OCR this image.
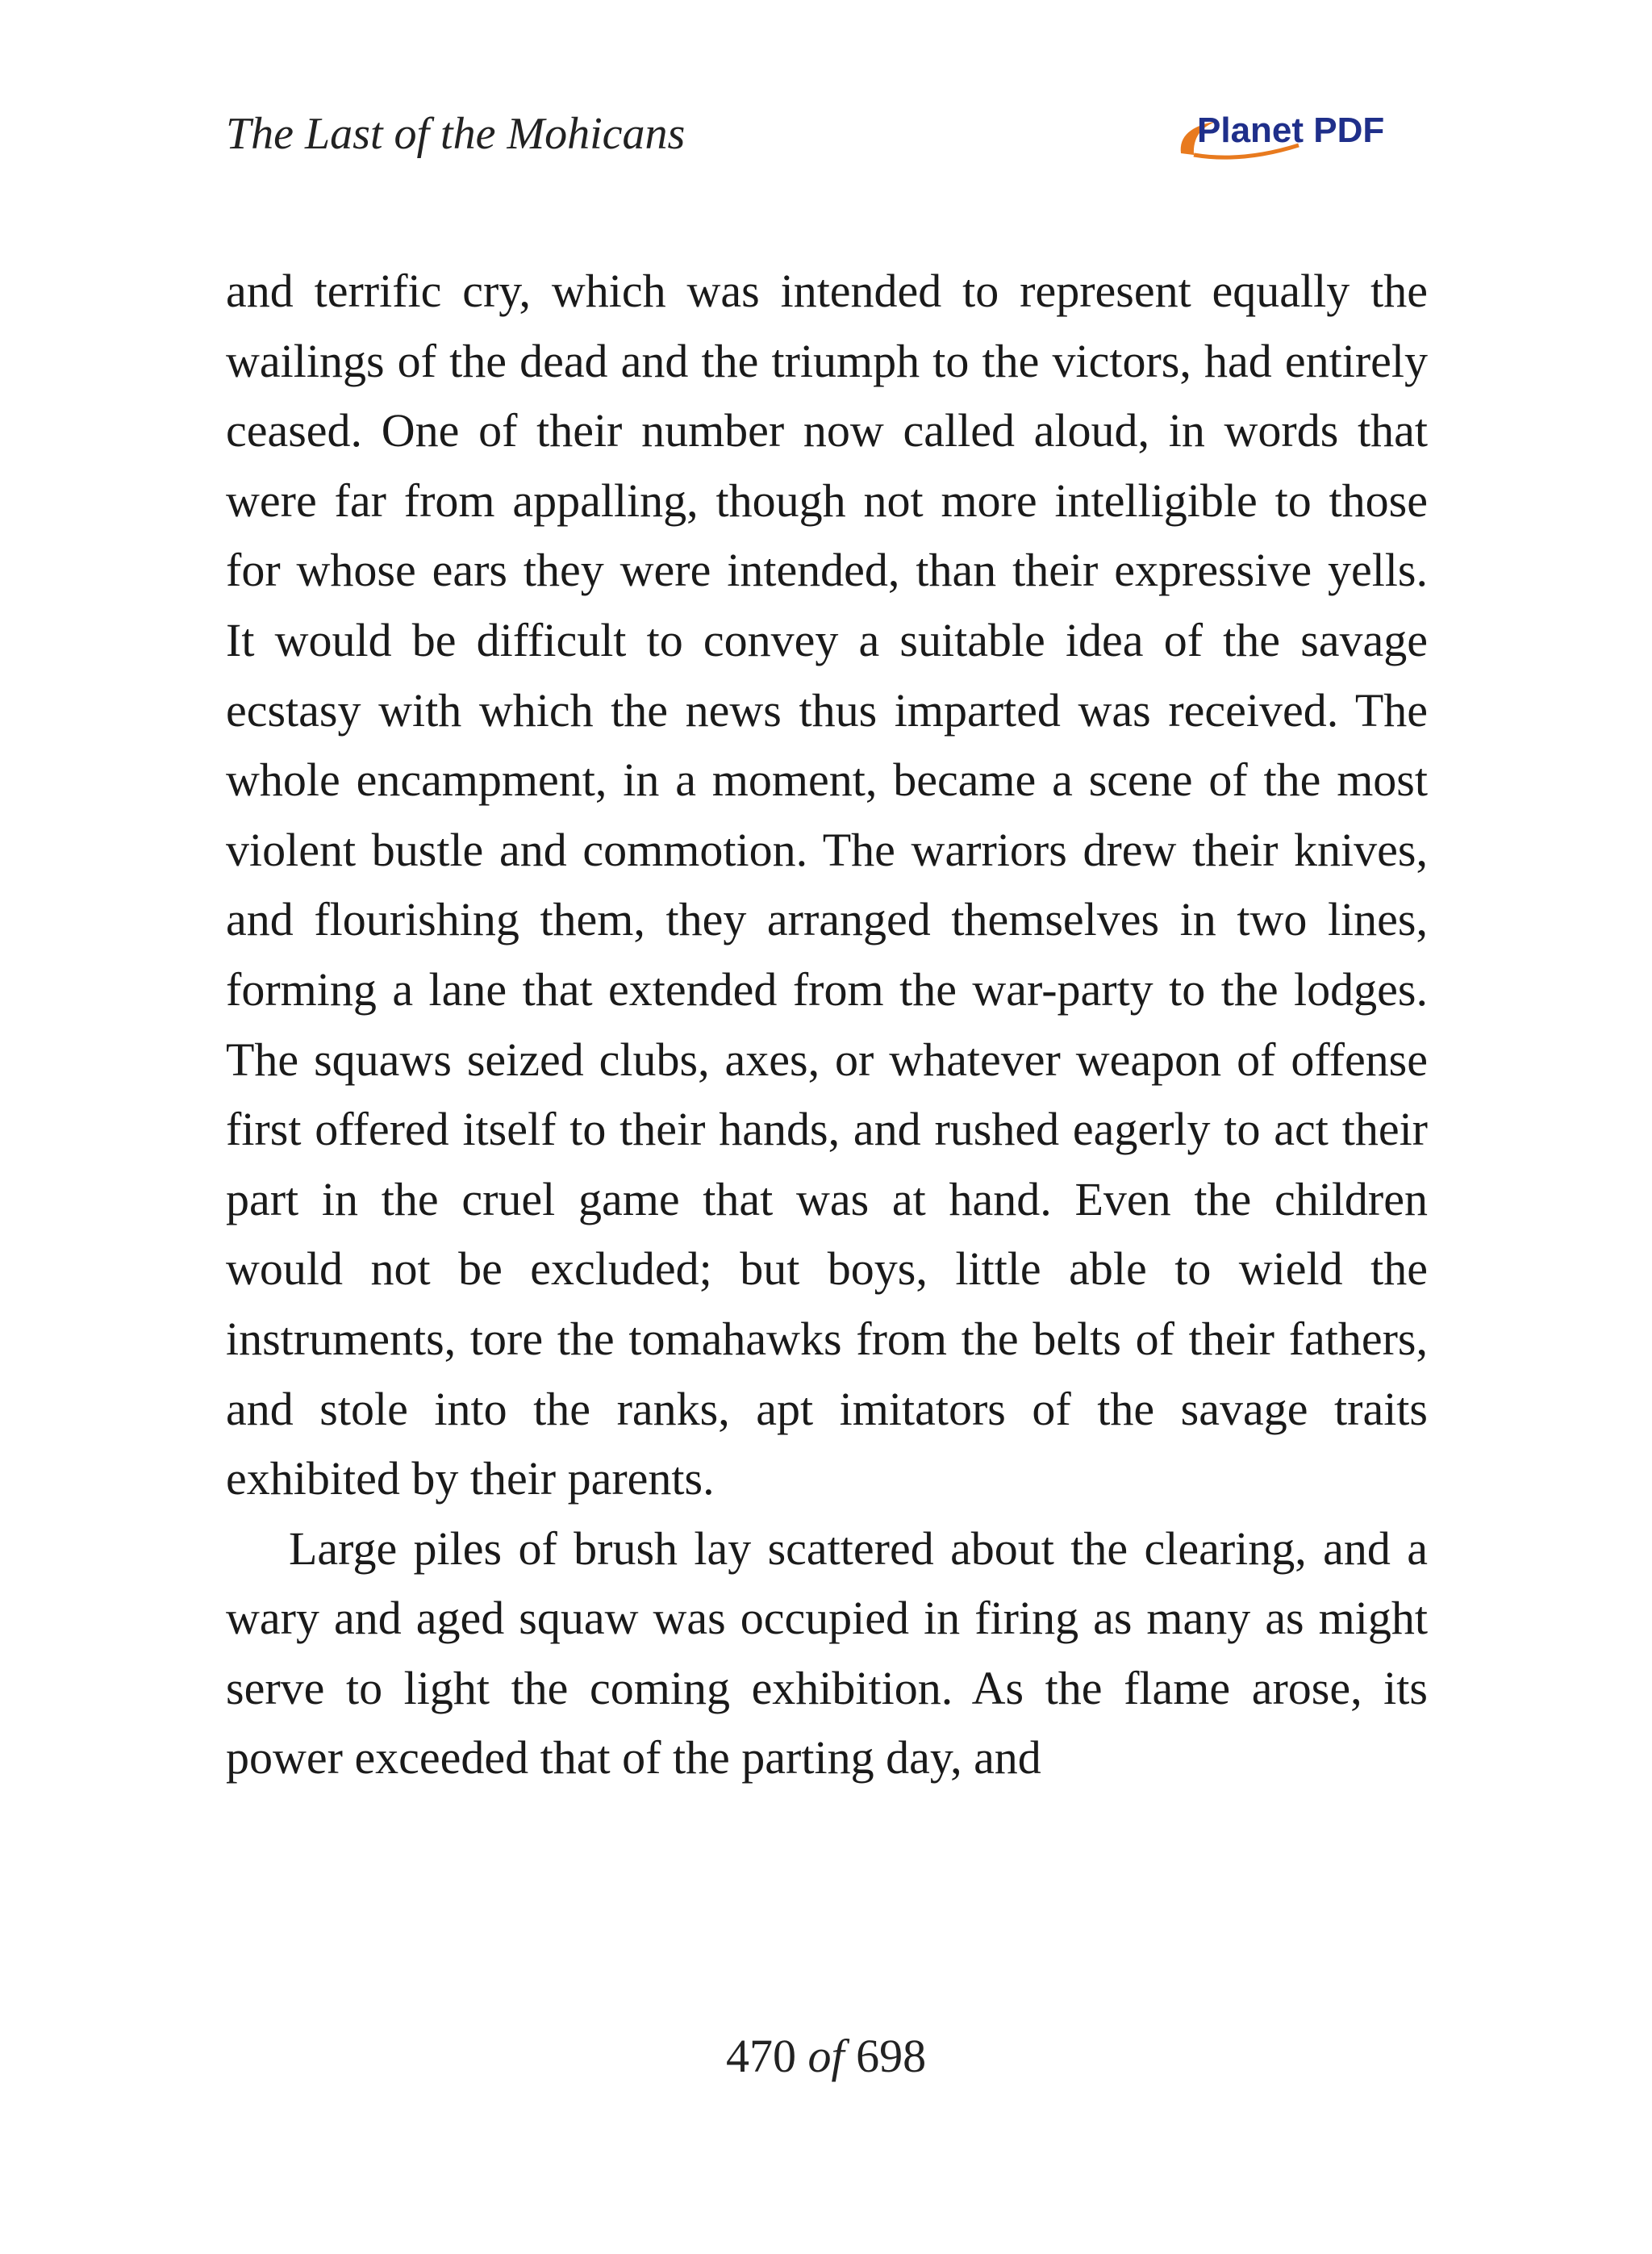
The Last of the Mohicans	Planet PDF

and terrific cry, which was intended to represent equally the wailings of the dead and the triumph to the victors, had entirely ceased. One of their number now called aloud, in words that were far from appalling, though not more intelligible to those for whose ears they were intended, than their expressive yells. It would be difficult to convey a suitable idea of the savage ecstasy with which the news thus imparted was received. The whole encampment, in a moment, became a scene of the most violent bustle and commotion. The warriors drew their knives, and flourishing them, they arranged themselves in two lines, forming a lane that extended from the war-party to the lodges. The squaws seized clubs, axes, or whatever weapon of offense first offered itself to their hands, and rushed eagerly to act their part in the cruel game that was at hand. Even the children would not be excluded; but boys, little able to wield the instruments, tore the tomahawks from the belts of their fathers, and stole into the ranks, apt imitators of the savage traits exhibited by their parents.

Large piles of brush lay scattered about the clearing, and a wary and aged squaw was occupied in firing as many as might serve to light the coming exhibition. As the flame arose, its power exceeded that of the parting day, and

470 of 698
